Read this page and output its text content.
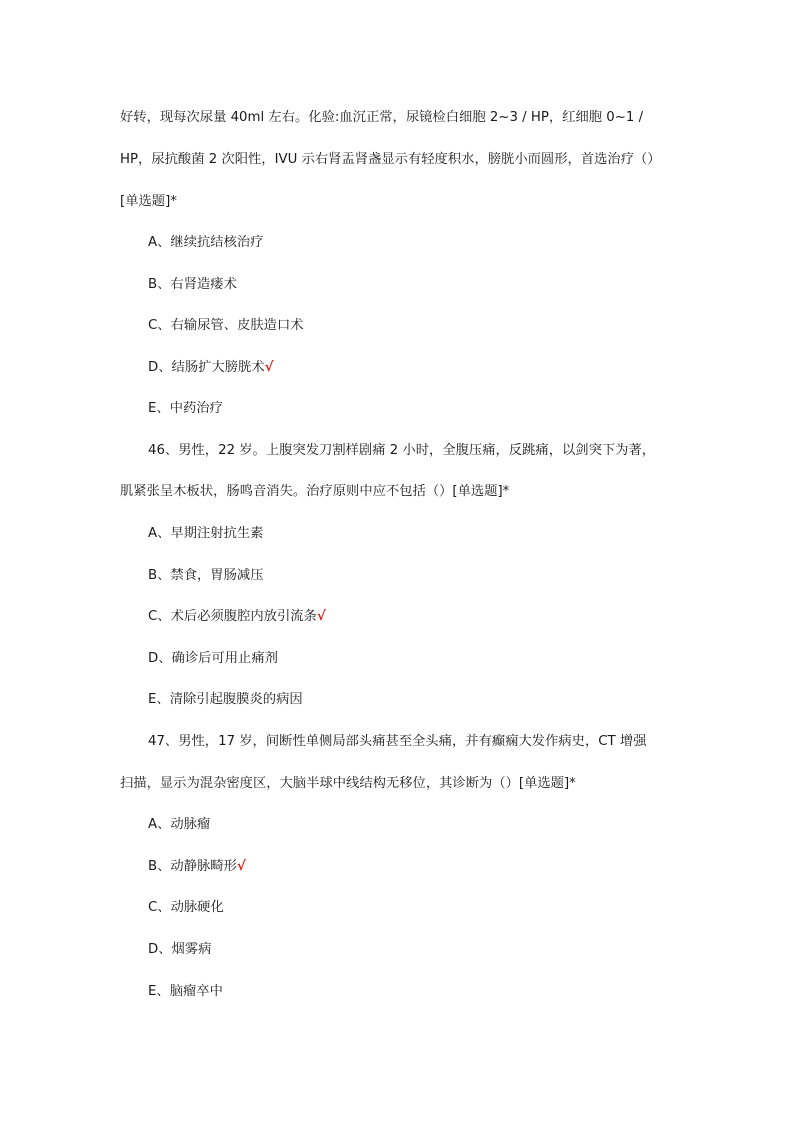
好转，现每次尿量 40ml 左右。化验:血沉正常，尿镜检白细胞 2~3 / HP，红细胞 0~1 /
HP，尿抗酸菌 2 次阳性，IVU 示右肾盂肾盏显示有轻度积水，膀胱小而圆形，首选治疗（）
[单选题]*
A、继续抗结核治疗
B、右肾造瘘术
C、右输尿管、皮肤造口术
D、结肠扩大膀胱术√
E、中药治疗
46、男性，22 岁。上腹突发刀割样剧痛 2 小时，全腹压痛，反跳痛，以剑突下为著，
肌紧张呈木板状，肠鸣音消失。治疗原则中应不包括（）[单选题]*
A、早期注射抗生素
B、禁食，胃肠减压
C、术后必须腹腔内放引流条√
D、确诊后可用止痛剂
E、清除引起腹膜炎的病因
47、男性，17 岁，间断性单侧局部头痛甚至全头痛，并有癫痫大发作病史，CT 增强
扫描，显示为混杂密度区，大脑半球中线结构无移位，其诊断为（）[单选题]*
A、动脉瘤
B、动静脉畸形√
C、动脉硬化
D、烟雾病
E、脑瘤卒中
